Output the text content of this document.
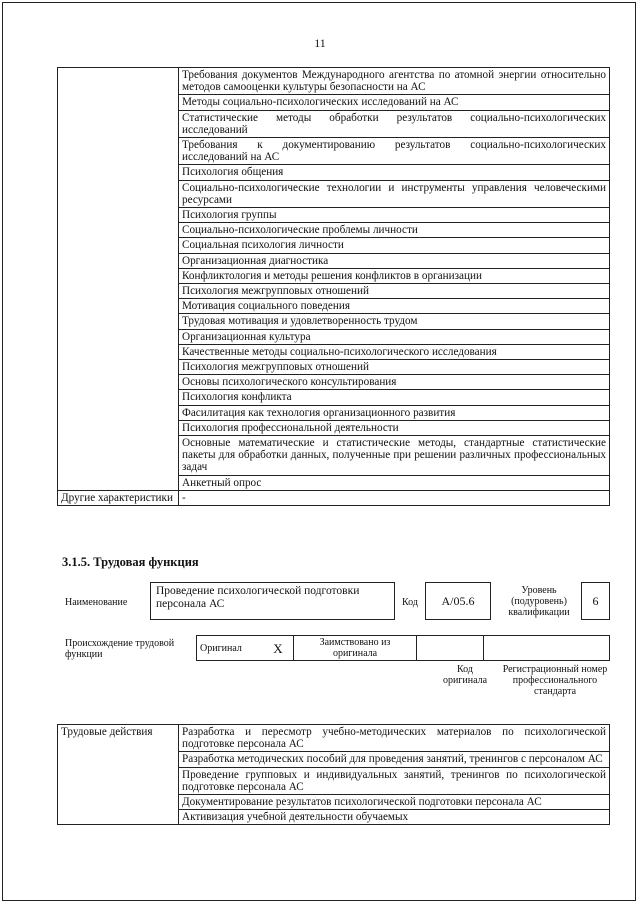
11
	Требования документов Международного агентства по атомной энергии относительно методов самооценки культуры безопасности на АС
	Методы социально-психологических исследований на АС
	Статистические методы обработки результатов социально-психологических исследований
	Требования к документированию результатов социально-психологических исследований на АС
	Психология общения
	Социально-психологические технологии и инструменты управления человеческими ресурсами
	Психология группы
	Социально-психологические проблемы личности
	Социальная психология личности
	Организационная диагностика
	Конфликтология и методы решения конфликтов в организации
	Психология межгрупповых отношений
	Мотивация социального поведения
	Трудовая мотивация и удовлетворенность трудом
	Организационная культура
	Качественные методы социально-психологического исследования
	Психология межгрупповых отношений
	Основы психологического консультирования
	Психология конфликта
	Фасилитация как технология организационного развития
	Психология профессиональной деятельности
	Основные математические и статистические методы, стандартные статистические пакеты для обработки данных, полученные при решении различных профессиональных задач
	Анкетный опрос
Другие характеристики	-
3.1.5. Трудовая функция
Наименование
Проведение психологической подготовки персонала АС	Код	A/05.6
Уровень (подуровень) квалификации
6
Происхождение трудовой функции
Оригинал	X	Заимствовано из оригинала		
Код оригинала
Регистрационный номер профессионального стандарта
Трудовые действия	Разработка и пересмотр учебно-методических материалов по психологической подготовке персонала АС
Разработка методических пособий для проведения занятий, тренингов с персоналом АС
Проведение групповых и индивидуальных занятий, тренингов по психологической подготовке персонала АС
Документирование результатов психологической подготовки персонала АС
Активизация учебной деятельности обучаемых
